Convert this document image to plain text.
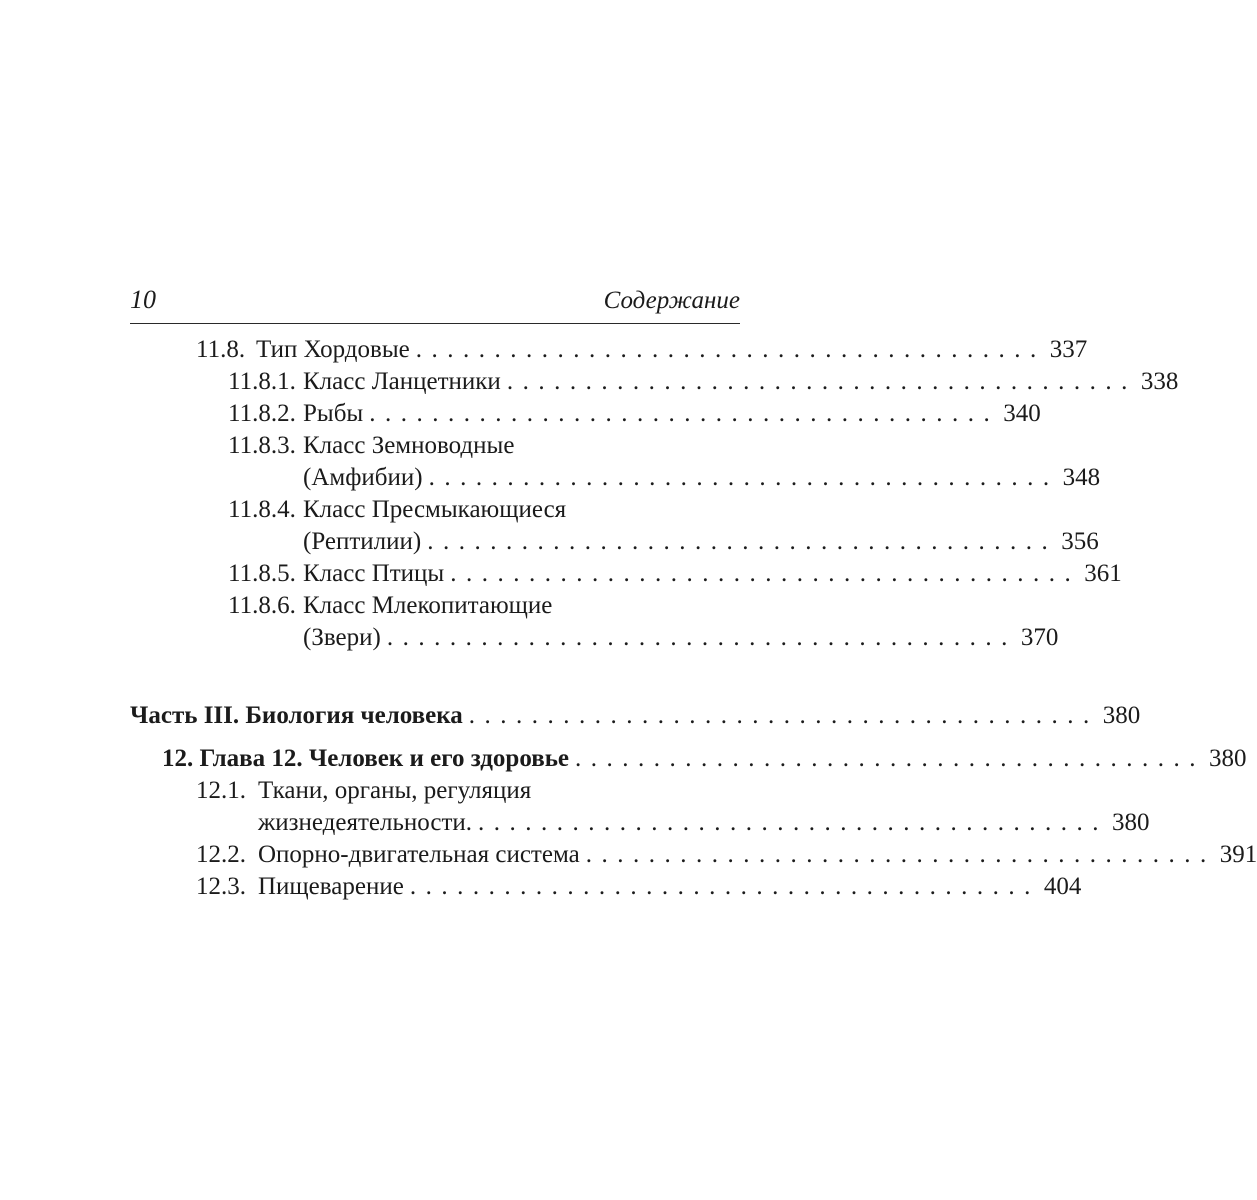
10	Содержание
11.8. Тип Хордовые ........................................ 337
11.8.1. Класс Ланцетники ........................................ 338
11.8.2. Рыбы ........................................ 340
11.8.3. Класс Земноводные
(Амфибии) ........................................ 348
11.8.4. Класс Пресмыкающиеся
(Рептилии) ........................................ 356
11.8.5. Класс Птицы ........................................ 361
11.8.6. Класс Млекопитающие
(Звери) ........................................ 370
Часть III. Биология человека ........................................ 380
12. Глава 12. Человек и его здоровье ........................................ 380
12.1. Ткани, органы, регуляция
жизнедеятельности. ........................................ 380
12.2. Опорно-двигательная система ........................................ 391
12.3. Пищеварение ........................................ 404
